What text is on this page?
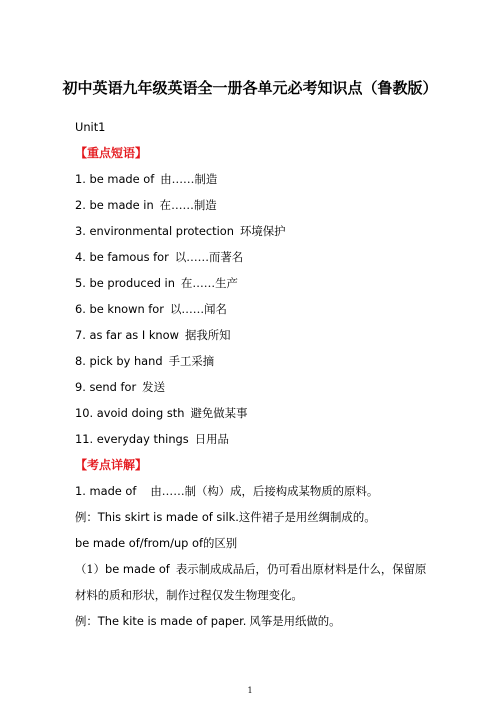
初中英语九年级英语全一册各单元必考知识点（鲁教版）
Unit1
【重点短语】
1. be made of 由……制造
2. be made in 在……制造
3. environmental protection 环境保护
4. be famous for 以……而著名
5. be produced in 在……生产
6. be known for 以……闻名
7. as far as I know 据我所知
8. pick by hand 手工采摘
9. send for 发送
10. avoid doing sth 避免做某事
11. everyday things 日用品
【考点详解】
1. made of 由……制（构）成，后接构成某物质的原料。
例：This skirt is made of silk.这件裙子是用丝绸制成的。
be made of/from/up of的区别
（1）be made of 表示制成成品后，仍可看出原材料是什么，保留原
材料的质和形状，制作过程仅发生物理变化。
例：The kite is made of paper. 风筝是用纸做的。
1
